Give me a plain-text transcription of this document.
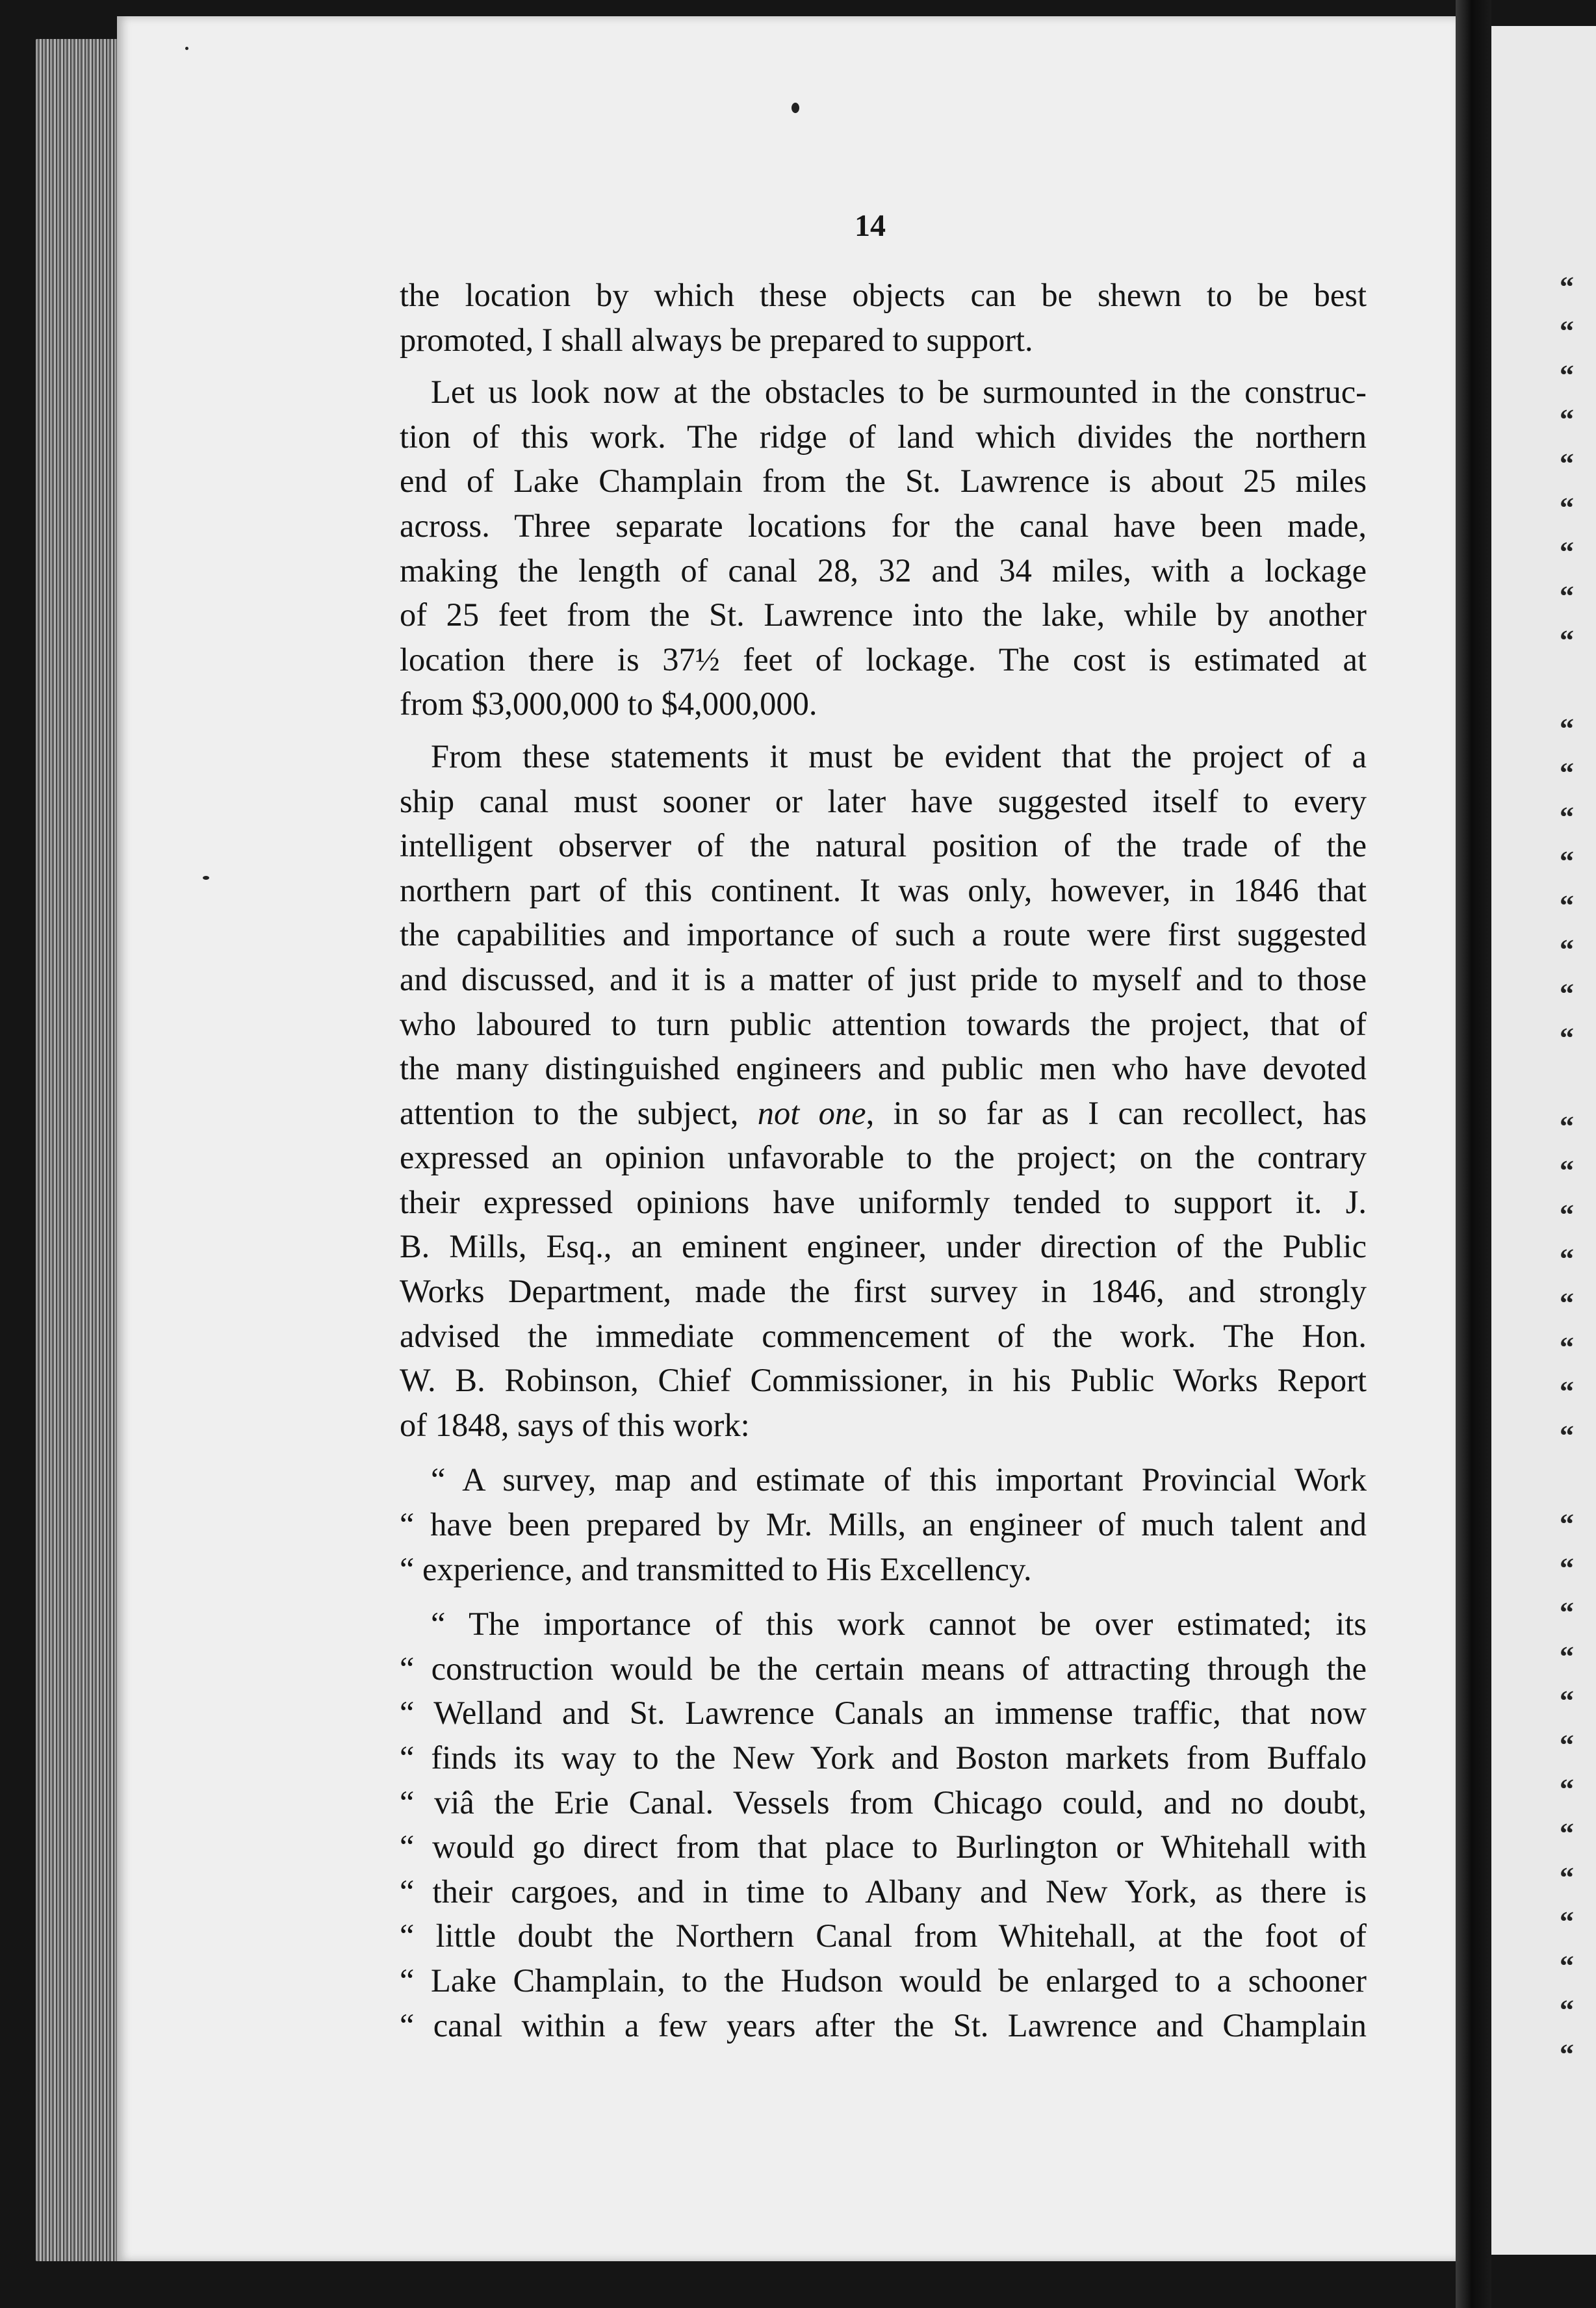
14
the location by which these objects can be shewn to be best
promoted, I shall always be prepared to support.
Let us look now at the obstacles to be surmounted in the construc-
tion of this work. The ridge of land which divides the northern
end of Lake Champlain from the St. Lawrence is about 25 miles
across. Three separate locations for the canal have been made,
making the length of canal 28, 32 and 34 miles, with a lockage
of 25 feet from the St. Lawrence into the lake, while by another
location there is 37½ feet of lockage. The cost is estimated at
from $3,000,000 to $4,000,000.
From these statements it must be evident that the project of a
ship canal must sooner or later have suggested itself to every
intelligent observer of the natural position of the trade of the
northern part of this continent. It was only, however, in 1846 that
the capabilities and importance of such a route were first suggested
and discussed, and it is a matter of just pride to myself and to those
who laboured to turn public attention towards the project, that of
the many distinguished engineers and public men who have devoted
attention to the subject, not one, in so far as I can recollect, has
expressed an opinion unfavorable to the project; on the contrary
their expressed opinions have uniformly tended to support it. J.
B. Mills, Esq., an eminent engineer, under direction of the Public
Works Department, made the first survey in 1846, and strongly
advised the immediate commencement of the work. The Hon.
W. B. Robinson, Chief Commissioner, in his Public Works Report
of 1848, says of this work:
“ A survey, map and estimate of this important Provincial Work
“ have been prepared by Mr. Mills, an engineer of much talent and
“ experience, and transmitted to His Excellency.
“ The importance of this work cannot be over estimated; its
“ construction would be the certain means of attracting through the
“ Welland and St. Lawrence Canals an immense traffic, that now
“ finds its way to the New York and Boston markets from Buffalo
“ viâ the Erie Canal. Vessels from Chicago could, and no doubt,
“ would go direct from that place to Burlington or Whitehall with
“ their cargoes, and in time to Albany and New York, as there is
“ little doubt the Northern Canal from Whitehall, at the foot of
“ Lake Champlain, to the Hudson would be enlarged to a schooner
“ canal within a few years after the St. Lawrence and Champlain
“
“
“
“
“
“
“
“
“
“
“
“
“
“
“
“
“
“
“
“
“
“
“
“
“
“
“
“
“
“
“
“
“
“
“
“
“
“
